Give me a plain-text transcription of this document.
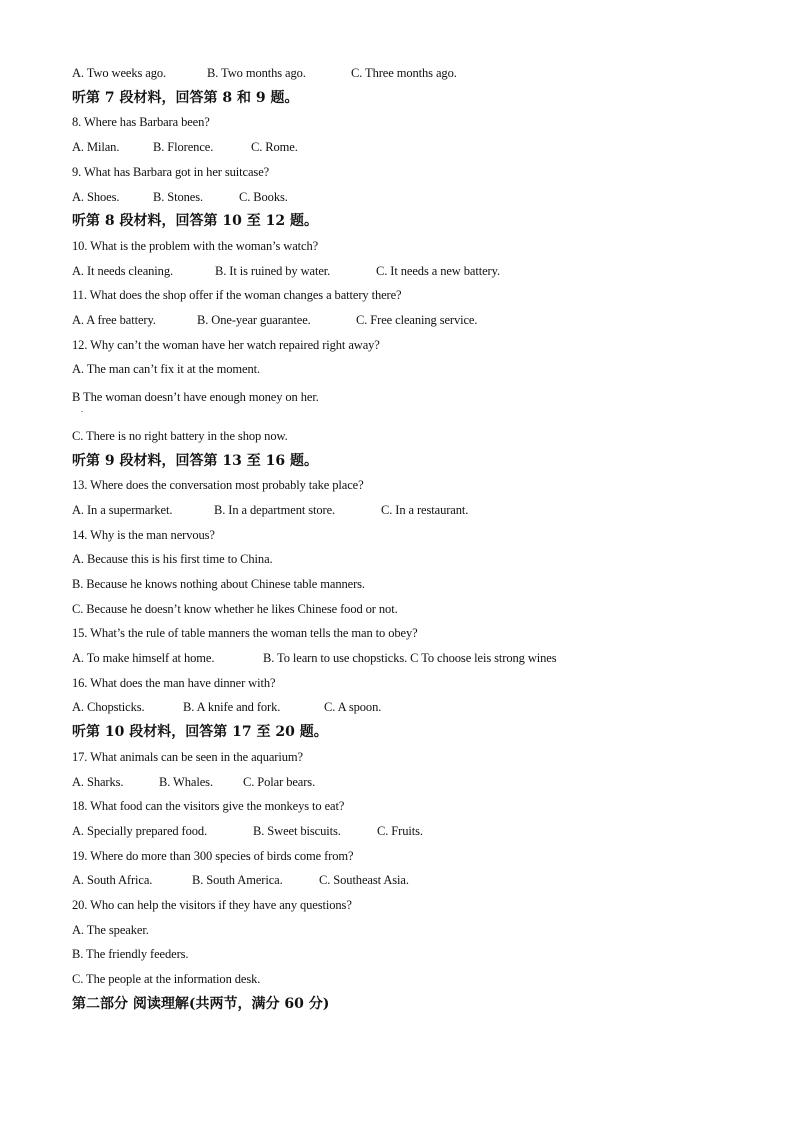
A. Two weeks ago.	B. Two months ago.	C. Three months ago.
听第 7 段材料，回答第 8 和 9 题。
8. Where has Barbara been?
A. Milan.	B. Florence.	C. Rome.
9. What has Barbara got in her suitcase?
A. Shoes.	B. Stones.	C. Books.
听第 8 段材料，回答第 10 至 12 题。
10. What is the problem with the woman’s watch?
A. It needs cleaning.	B. It is ruined by water.	C. It needs a new battery.
11. What does the shop offer if the woman changes a battery there?
A. A free battery.	B. One-year guarantee.	C. Free cleaning service.
12. Why can’t the woman have her watch repaired right away?
A. The man can’t fix it at the moment.
B The woman doesn’t have enough money on her.
.
C. There is no right battery in the shop now.
听第 9 段材料，回答第 13 至 16 题。
13. Where does the conversation most probably take place?
A. In a supermarket.	B. In a department store.	C. In a restaurant.
14. Why is the man nervous?
A. Because this is his first time to China.
B. Because he knows nothing about Chinese table manners.
C. Because he doesn’t know whether he likes Chinese food or not.
15. What’s the rule of table manners the woman tells the man to obey?
A. To make himself at home.	B. To learn to use chopsticks. C To choose leis strong wines
16. What does the man have dinner with?
A. Chopsticks.	B. A knife and fork.	C. A spoon.
听第 10 段材料，回答第 17 至 20 题。
17. What animals can be seen in the aquarium?
A. Sharks.	B. Whales. C. Polar bears.
18. What food can the visitors give the monkeys to eat?
A. Specially prepared food.	B. Sweet biscuits.	C. Fruits.
19. Where do more than 300 species of birds come from?
A. South Africa.	B. South America.	C. Southeast Asia.
20. Who can help the visitors if they have any questions?
A. The speaker.
B. The friendly feeders.
C. The people at the information desk.
第二部分 阅读理解(共两节，满分 60 分)
